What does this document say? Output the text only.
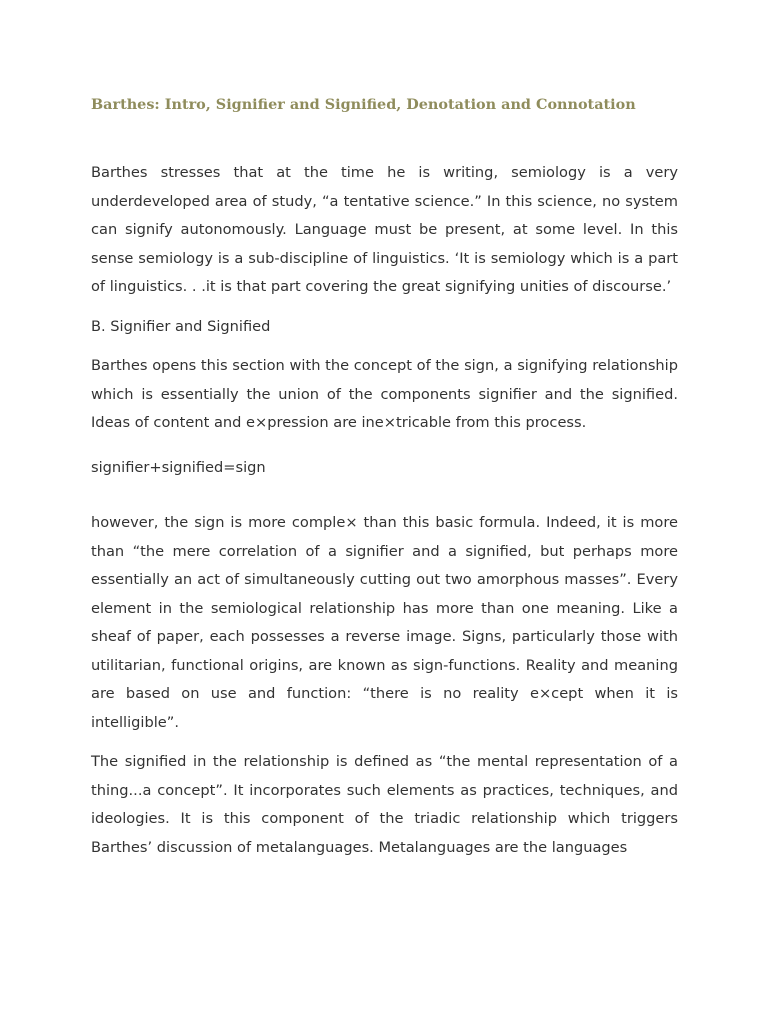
Barthes: Intro, Signifier and Signified, Denotation and Connotation

Barthes stresses that at the time he is writing, semiology is a very underdeveloped area of study, “a tentative science.” In this science, no system can signify autonomously. Language must be present, at some level. In this sense semiology is a sub-discipline of linguistics. ‘It is semiology which is a part of linguistics. . .it is that part covering the great signifying unities of discourse.’

B. Signifier and Signified

Barthes opens this section with the concept of the sign, a signifying relationship which is essentially the union of the components signifier and the signified. Ideas of content and e×pression are ine×tricable from this process.

signifier+signified=sign

however, the sign is more comple× than this basic formula. Indeed, it is more than “the mere correlation of a signifier and a signified, but perhaps more essentially an act of simultaneously cutting out two amorphous masses”. Every element in the semiological relationship has more than one meaning. Like a sheaf of paper, each possesses a reverse image. Signs, particularly those with utilitarian, functional origins, are known as sign-functions. Reality and meaning are based on use and function: “there is no reality e×cept when it is intelligible”.

The signified in the relationship is defined as “the mental representation of a thing...a concept”. It incorporates such elements as practices, techniques, and ideologies. It is this component of the triadic relationship which triggers Barthes’ discussion of metalanguages. Metalanguages are the languages
